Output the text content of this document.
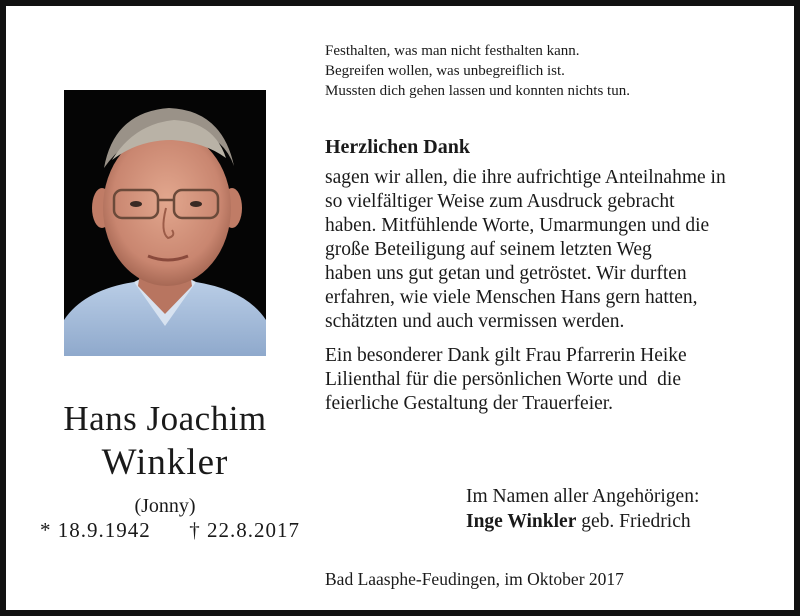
Festhalten, was man nicht festhalten kann.
Begreifen wollen, was unbegreiflich ist.
Mussten dich gehen lassen und konnten nichts tun.
Herzlichen Dank
sagen wir allen, die ihre aufrichtige Anteilnahme in
so vielfältiger Weise zum Ausdruck gebracht
haben. Mitfühlende Worte, Umarmungen und die
große Beteiligung auf seinem letzten Weg
haben uns gut getan und getröstet. Wir durften
erfahren, wie viele Menschen Hans gern hatten,
schätzten und auch vermissen werden.
Ein besonderer Dank gilt Frau Pfarrerin Heike
Lilienthal für die persönlichen Worte und  die
feierliche Gestaltung der Trauerfeier.
Hans Joachim
Winkler
(Jonny)
* 18.9.1942 † 22.8.2017
Im Namen aller Angehörigen:
Inge Winkler geb. Friedrich
Bad Laasphe-Feudingen, im Oktober 2017
